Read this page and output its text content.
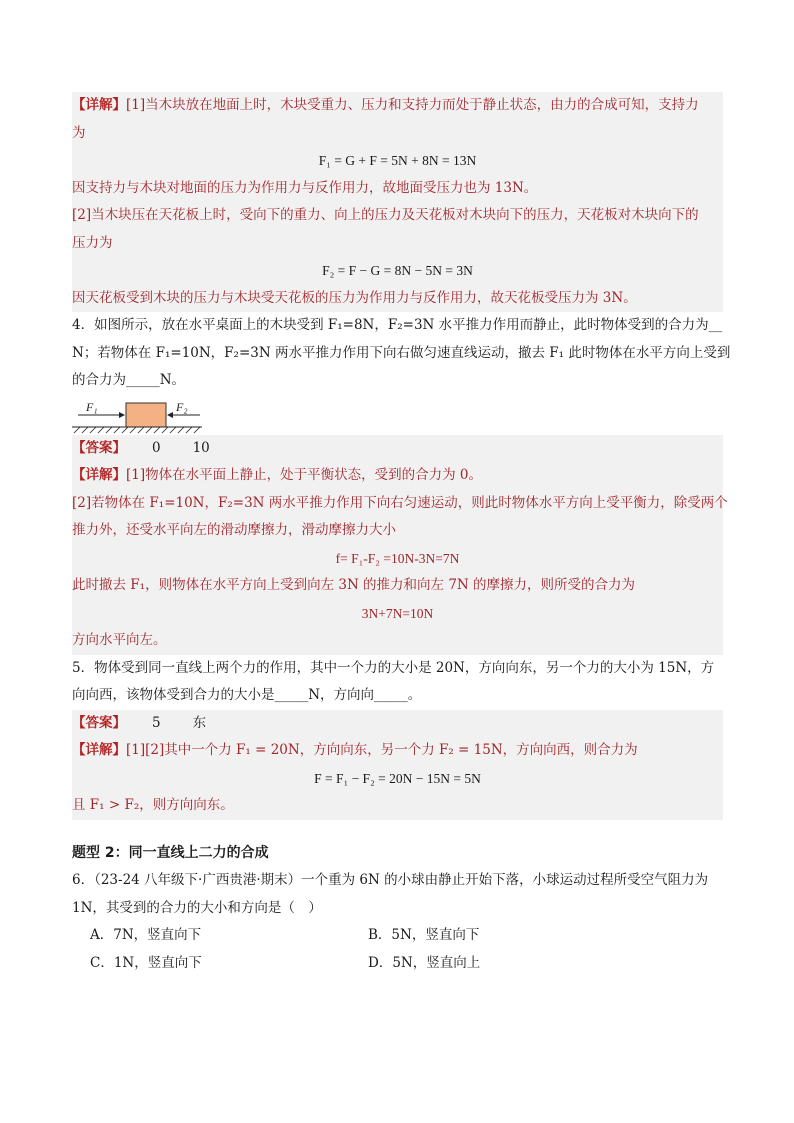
【详解】[1]当木块放在地面上时，木块受重力、压力和支持力而处于静止状态，由力的合成可知，支持力
为
F₁ = G + F = 5N + 8N = 13N
因支持力与木块对地面的压力为作用力与反作用力，故地面受压力也为 13N。
[2]当木块压在天花板上时，受向下的重力、向上的压力及天花板对木块向下的压力，天花板对木块向下的
压力为
F₂ = F − G = 8N − 5N = 3N
因天花板受到木块的压力与木块受天花板的压力为作用力与反作用力，故天花板受压力为 3N。
4．如图所示，放在水平桌面上的木块受到 F₁=8N，F₂=3N 水平推力作用而静止，此时物体受到的合力为__
N；若物体在 F₁=10N，F₂=3N 两水平推力作用下向右做匀速直线运动，撤去 F₁ 此时物体在水平方向上受到
的合力为_____N。
F₁	F₂
【答案】 0 10
【详解】[1]物体在水平面上静止，处于平衡状态，受到的合力为 0。
[2]若物体在 F₁=10N，F₂=3N 两水平推力作用下向右匀速运动，则此时物体水平方向上受平衡力，除受两个
推力外，还受水平向左的滑动摩擦力，滑动摩擦力大小
f= F₁-F₂ =10N-3N=7N
此时撤去 F₁，则物体在水平方向上受到向左 3N 的推力和向左 7N 的摩擦力，则所受的合力为
3N+7N=10N
方向水平向左。
5．物体受到同一直线上两个力的作用，其中一个力的大小是 20N，方向向东，另一个力的大小为 15N，方
向向西，该物体受到合力的大小是_____N，方向向_____。
【答案】 5 东
【详解】[1][2]其中一个力 F₁ = 20N，方向向东，另一个力 F₂ = 15N，方向向西，则合力为
F = F₁ − F₂ = 20N − 15N = 5N
且 F₁ > F₂，则方向向东。
题型 2：同一直线上二力的合成
6．（23-24 八年级下·广西贵港·期末）一个重为 6N 的小球由静止开始下落，小球运动过程所受空气阻力为
1N，其受到的合力的大小和方向是（　）
A．7N，竖直向下	B．5N，竖直向下
C．1N，竖直向下	D．5N，竖直向上
